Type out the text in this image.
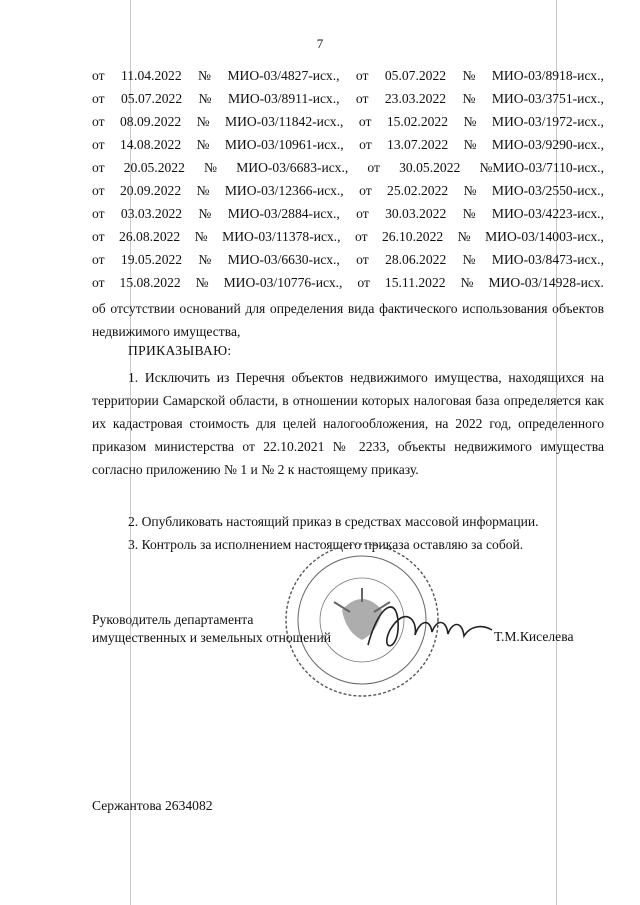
7
от 11.04.2022 № МИО-03/4827-исх., от 05.07.2022 № МИО-03/8918-исх.,
от 05.07.2022 № МИО-03/8911-исх., от 23.03.2022 № МИО-03/3751-исх.,
от 08.09.2022 № МИО-03/11842-исх., от 15.02.2022 № МИО-03/1972-исх.,
от 14.08.2022 № МИО-03/10961-исх., от 13.07.2022 № МИО-03/9290-исх.,
от 20.05.2022 № МИО-03/6683-исх., от 30.05.2022 №МИО-03/7110-исх.,
от 20.09.2022 № МИО-03/12366-исх., от 25.02.2022 № МИО-03/2550-исх.,
от 03.03.2022 № МИО-03/2884-исх., от 30.03.2022 № МИО-03/4223-исх.,
от 26.08.2022 № МИО-03/11378-исх., от 26.10.2022 № МИО-03/14003-исх.,
от 19.05.2022 № МИО-03/6630-исх., от 28.06.2022 № МИО-03/8473-исх.,
от 15.08.2022 № МИО-03/10776-исх., от 15.11.2022 № МИО-03/14928-исх.
об отсутствии оснований для определения вида фактического использования объектов недвижимого имущества,
ПРИКАЗЫВАЮ:
1. Исключить из Перечня объектов недвижимого имущества, находящихся на территории Самарской области, в отношении которых налоговая база определяется как их кадастровая стоимость для целей налогообложения, на 2022 год, определенного приказом министерства от 22.10.2021 № 2233, объекты недвижимого имущества согласно приложению № 1 и № 2 к настоящему приказу.
2. Опубликовать настоящий приказ в средствах массовой информации.
3. Контроль за исполнением настоящего приказа оставляю за собой.
Руководитель департамента
имущественных и земельных отношений	Т.М.Киселева
Сержантова 2634082
